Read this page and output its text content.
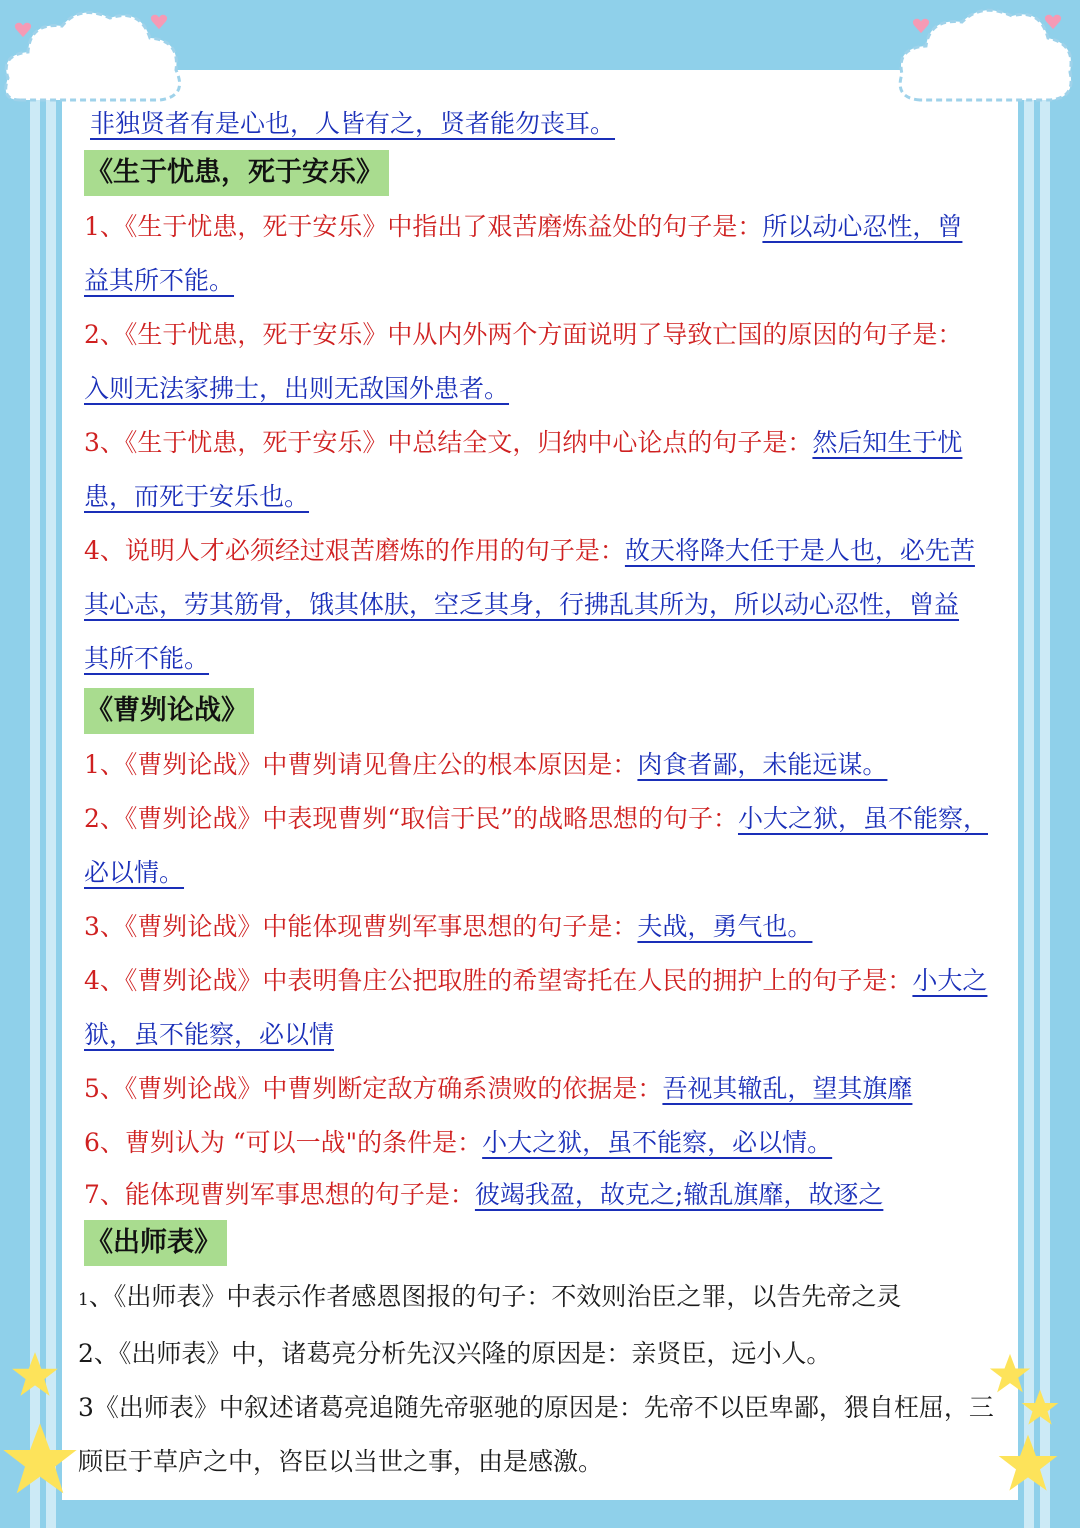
非独贤者有是心也，人皆有之，贤者能勿丧耳。
《生于忧患，死于安乐》
1、《生于忧患，死于安乐》中指出了艰苦磨炼益处的句子是：所以动心忍性，曾
益其所不能。
2、《生于忧患，死于安乐》中从内外两个方面说明了导致亡国的原因的句子是：
入则无法家拂士，出则无敌国外患者。
3、《生于忧患，死于安乐》中总结全文，归纳中心论点的句子是：然后知生于忧
患，而死于安乐也。
4、说明人才必须经过艰苦磨炼的作用的句子是：故天将降大任于是人也，必先苦
其心志，劳其筋骨，饿其体肤，空乏其身，行拂乱其所为，所以动心忍性，曾益
其所不能。
《曹刿论战》
1、《曹刿论战》中曹刿请见鲁庄公的根本原因是：肉食者鄙，未能远谋。
2、《曹刿论战》中表现曹刿“取信于民”的战略思想的句子：小大之狱，虽不能察，
必以情。
3、《曹刿论战》中能体现曹刿军事思想的句子是：夫战，勇气也。
4、《曹刿论战》中表明鲁庄公把取胜的希望寄托在人民的拥护上的句子是：小大之
狱，虽不能察，必以情
5、《曹刿论战》中曹刿断定敌方确系溃败的依据是：吾视其辙乱，望其旗靡
6、曹刿认为 “可以一战"的条件是：小大之狱，虽不能察，必以情。
7、能体现曹刿军事思想的句子是：彼竭我盈，故克之;辙乱旗靡，故逐之
《出师表》
1、《出师表》中表示作者感恩图报的句子：不效则治臣之罪，以告先帝之灵
2、《出师表》中，诸葛亮分析先汉兴隆的原因是：亲贤臣，远小人。
3《出师表》中叙述诸葛亮追随先帝驱驰的原因是：先帝不以臣卑鄙，猥自枉屈，三
顾臣于草庐之中，咨臣以当世之事，由是感激。
